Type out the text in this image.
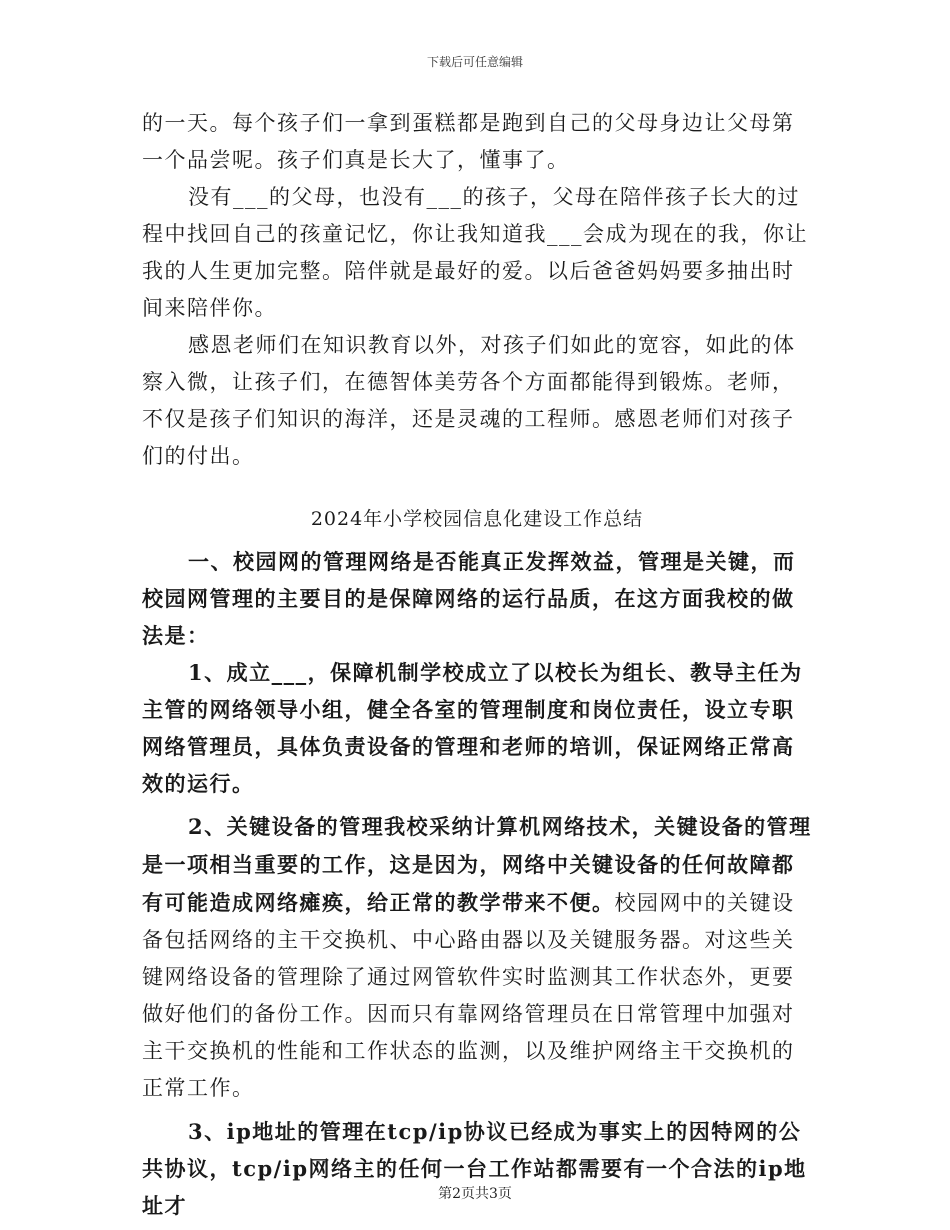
下载后可任意编辑

的一天。每个孩子们一拿到蛋糕都是跑到自己的父母身边让父母第一个品尝呢。孩子们真是长大了，懂事了。

没有___的父母，也没有___的孩子，父母在陪伴孩子长大的过程中找回自己的孩童记忆，你让我知道我___会成为现在的我，你让我的人生更加完整。陪伴就是最好的爱。以后爸爸妈妈要多抽出时间来陪伴你。

感恩老师们在知识教育以外，对孩子们如此的宽容，如此的体察入微，让孩子们，在德智体美劳各个方面都能得到锻炼。老师，不仅是孩子们知识的海洋，还是灵魂的工程师。感恩老师们对孩子们的付出。

2024年小学校园信息化建设工作总结

一、校园网的管理网络是否能真正发挥效益，管理是关键，而校园网管理的主要目的是保障网络的运行品质，在这方面我校的做法是：

1、成立___，保障机制学校成立了以校长为组长、教导主任为主管的网络领导小组，健全各室的管理制度和岗位责任，设立专职网络管理员，具体负责设备的管理和老师的培训，保证网络正常高效的运行。

2、关键设备的管理我校采纳计算机网络技术，关键设备的管理是一项相当重要的工作，这是因为，网络中关键设备的任何故障都有可能造成网络瘫痪，给正常的教学带来不便。校园网中的关键设备包括网络的主干交换机、中心路由器以及关键服务器。对这些关键网络设备的管理除了通过网管软件实时监测其工作状态外，更要做好他们的备份工作。因而只有靠网络管理员在日常管理中加强对主干交换机的性能和工作状态的监测，以及维护网络主干交换机的正常工作。

3、ip地址的管理在tcp/ip协议已经成为事实上的因特网的公共协议，tcp/ip网络主的任何一台工作站都需要有一个合法的ip地址才	第2页共3页
